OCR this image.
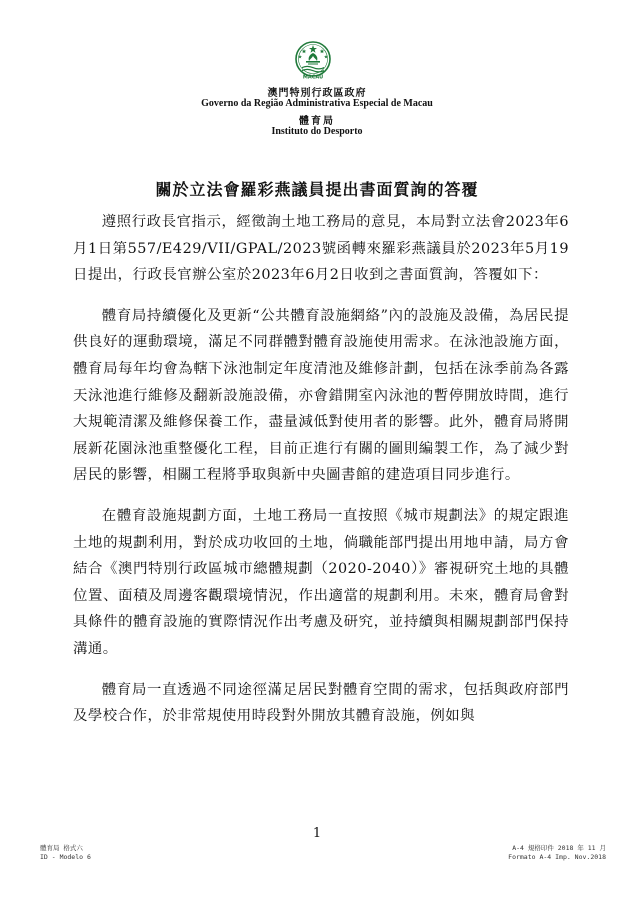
MACAU
澳門特別行政區政府
Governo da Região Administrativa Especial de Macau
體育局
Instituto do Desporto
關於立法會羅彩燕議員提出書面質詢的答覆

遵照行政長官指示，經徵詢土地工務局的意見，本局對立法會2023年6月1日第557/E429/VII/GPAL/2023號函轉來羅彩燕議員於2023年5月19日提出，行政長官辦公室於2023年6月2日收到之書面質詢，答覆如下：

體育局持續優化及更新“公共體育設施網絡”內的設施及設備，為居民提供良好的運動環境，滿足不同群體對體育設施使用需求。在泳池設施方面，體育局每年均會為轄下泳池制定年度清池及維修計劃，包括在泳季前為各露天泳池進行維修及翻新設施設備，亦會錯開室內泳池的暫停開放時間，進行大規範清潔及維修保養工作，盡量減低對使用者的影響。此外，體育局將開展新花園泳池重整優化工程，目前正進行有關的圖則編製工作，為了減少對居民的影響，相關工程將爭取與新中央圖書館的建造項目同步進行。

在體育設施規劃方面，土地工務局一直按照《城市規劃法》的規定跟進土地的規劃利用，對於成功收回的土地，倘職能部門提出用地申請，局方會結合《澳門特別行政區城市總體規劃（2020-2040）》審視研究土地的具體位置、面積及周邊客觀環境情況，作出適當的規劃利用。未來，體育局會對具條件的體育設施的實際情況作出考慮及研究，並持續與相關規劃部門保持溝通。

體育局一直透過不同途徑滿足居民對體育空間的需求，包括與政府部門及學校合作，於非常規使用時段對外開放其體育設施，例如與

1
體育局 格式六
ID - Modelo 6
A-4 規格印件 2018 年 11 月
Formato A-4 Imp. Nov.2018
